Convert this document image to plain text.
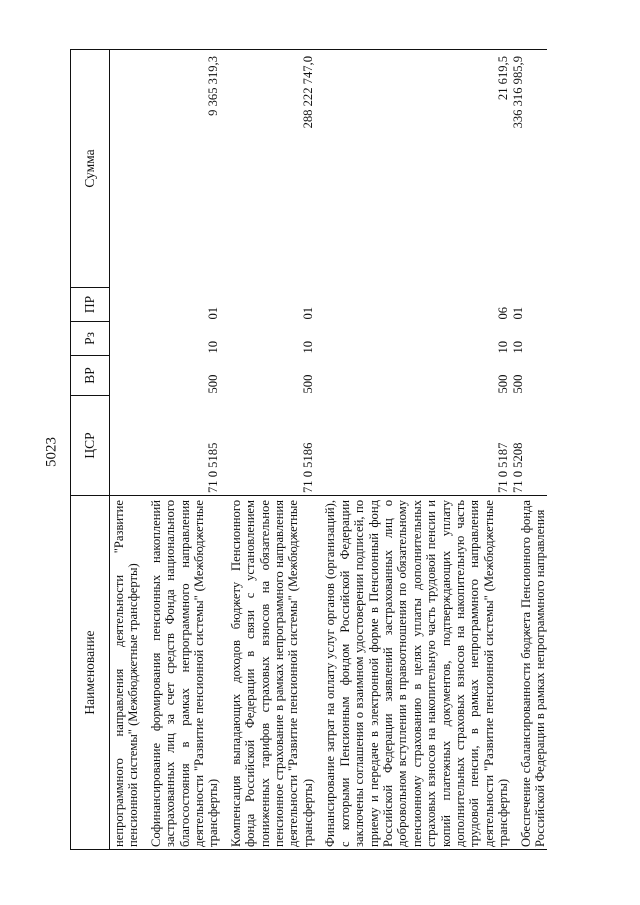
5023
Наименование	ЦСР	ВР	Рз	ПР	Сумма
непрограммного направления деятельности "Развитие пенсионной системы" (Межбюджетные трансферты)					
Софинансирование формирования пенсионных накоплений застрахованных лиц за счет средств Фонда национального благосостояния в рамках непрограммного направления деятельности "Развитие пенсионной системы" (Межбюджетные трансферты)	71 0 5185	500	10	01	9 365 319,3
Компенсация выпадающих доходов бюджету Пенсионного фонда Российской Федерации в связи с установлением пониженных тарифов страховых взносов на обязательное пенсионное страхование в рамках непрограммного направления деятельности "Развитие пенсионной системы" (Межбюджетные трансферты)	71 0 5186	500	10	01	288 222 747,0
Финансирование затрат на оплату услуг органов (организаций), с которыми Пенсионным фондом Российской Федерации заключены соглашения о взаимном удостоверении подписей, по приему и передаче в электронной форме в Пенсионный фонд Российской Федерации заявлений застрахованных лиц о добровольном вступлении в правоотношения по обязательному пенсионному страхованию в целях уплаты дополнительных страховых взносов на накопительную часть трудовой пенсии и копий платежных документов, подтверждающих уплату дополнительных страховых взносов на накопительную часть трудовой пенсии, в рамках непрограммного направления деятельности "Развитие пенсионной системы" (Межбюджетные трансферты)	71 0 5187	500	10	06	21 619,5
Обеспечение сбалансированности бюджета Пенсионного фонда Российской Федерации в рамках непрограммного направления	71 0 5208	500	10	01	336 316 985,9
